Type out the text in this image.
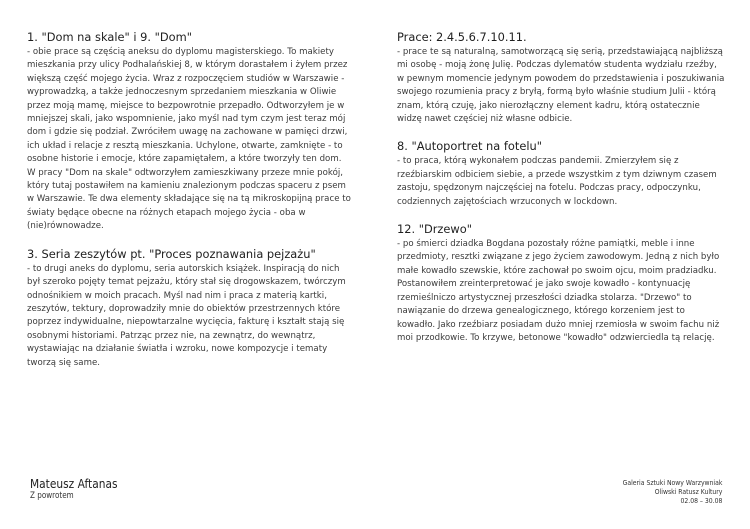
1. "Dom na skale" i 9. "Dom"

- obie prace są częścią aneksu do dyplomu magisterskiego. To makiety mieszkania przy ulicy Podhalańskiej 8, w którym dorastałem i żyłem przez większą część mojego życia. Wraz z rozpoczęciem studiów w Warszawie - wyprowadzką, a także jednoczesnym sprzedaniem mieszkania w Oliwie przez moją mamę, miejsce to bezpowrotnie przepadło. Odtworzyłem je w mniejszej skali, jako wspomnienie, jako myśl nad tym czym jest teraz mój dom i gdzie się podział. Zwróciłem uwagę na zachowane w pamięci drzwi, ich układ i relacje z resztą mieszkania. Uchylone, otwarte, zamknięte - to osobne historie i emocje, które zapamiętałem, a które tworzyły ten dom.

W pracy "Dom na skale" odtworzyłem zamieszkiwany przeze mnie pokój, który tutaj postawiłem na kamieniu znalezionym podczas spaceru z psem w Warszawie. Te dwa elementy składające się na tą mikroskopijną prace to światy będące obecne na różnych etapach mojego życia - oba w (nie)równowadze.

3. Seria zeszytów pt. "Proces poznawania pejzażu"

- to drugi aneks do dyplomu, seria autorskich książek. Inspiracją do nich był szeroko pojęty temat pejzażu, który stał się drogowskazem, twórczym odnośnikiem w moich pracach. Myśl nad nim i praca z materią kartki, zeszytów, tektury, doprowadziły mnie do obiektów przestrzennych które poprzez indywidualne, niepowtarzalne wycięcia, fakturę i kształt stają się osobnymi historiami. Patrząc przez nie, na zewnątrz, do wewnątrz, wystawiając na działanie światła i wzroku, nowe kompozycje i tematy tworzą się same.

Prace: 2.4.5.6.7.10.11.

- prace te są naturalną, samotworzącą się serią, przedstawiającą najbliższą mi osobę - moją żonę Julię. Podczas dylematów studenta wydziału rzeźby, w pewnym momencie jedynym powodem do przedstawienia i poszukiwania swojego rozumienia pracy z bryłą, formą było właśnie studium Julii - którą znam, którą czuję, jako nierozłączny element kadru, którą ostatecznie widzę nawet częściej niż własne odbicie.

8. "Autoportret na fotelu"

- to praca, którą wykonałem podczas pandemii. Zmierzyłem się z rzeźbiarskim odbiciem siebie, a przede wszystkim z tym dziwnym czasem zastoju, spędzonym najczęściej na fotelu. Podczas pracy, odpoczynku, codziennych zajętościach wrzuconych w lockdown.

12. "Drzewo"

- po śmierci dziadka Bogdana pozostały różne pamiątki, meble i inne przedmioty, resztki związane z jego życiem zawodowym. Jedną z nich było małe kowadło szewskie, które zachował po swoim ojcu, moim pradziadku. Postanowiłem zreinterpretować je jako swoje kowadło - kontynuację rzemieślniczo artystycznej przeszłości dziadka stolarza. "Drzewo" to nawiązanie do drzewa genealogicznego, którego korzeniem jest to kowadło. Jako rzeźbiarz posiadam dużo mniej rzemiosła w swoim fachu niż moi przodkowie. To krzywe, betonowe "kowadło" odzwierciedla tą relację.

Mateusz Aftanas
Z powrotem
Galeria Sztuki Nowy Warzywniak
Oliwski Ratusz Kultury
02.08 – 30.08
